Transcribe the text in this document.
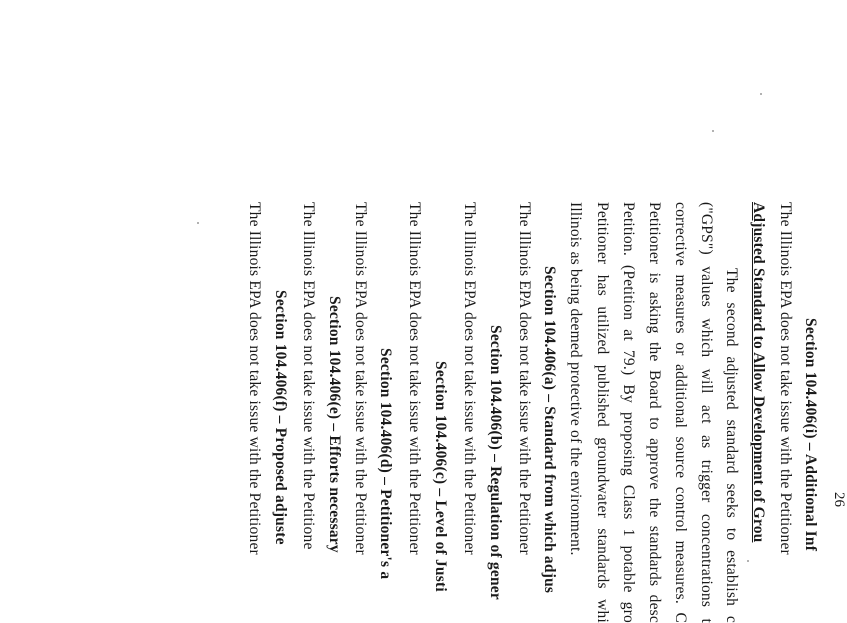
Section 104.406(i) – Additional Inf
The Illinois EPA does not take issue with the Petitioner
Adjusted Standard to Allow Development of Grou
The second adjusted standard seeks to establish c
("GPS") values which will act as trigger concentrations t
corrective measures or additional source control measures. C
Petitioner is asking the Board to approve the standards desc
Petition. (Petition at 79.) By proposing Class 1 potable gro
Petitioner has utilized published groundwater standards whi
Illinois as being deemed protective of the environment.
Section 104.406(a) – Standard from which adjus
The Illinois EPA does not take issue with the Petitioner
Section 104.406(b) – Regulation of gener
The Illinois EPA does not take issue with the Petitioner
Section 104.406(c) – Level of Justi
The Illinois EPA does not take issue with the Petitioner
Section 104.406(d) – Petitioner's a
The Illinois EPA does not take issue with the Petitioner
Section 104.406(e) – Efforts necessary
The Illinois EPA does not take issue with the Petitione
Section 104.406(f) – Proposed adjuste
The Illinois EPA does not take issue with the Petitioner	26
